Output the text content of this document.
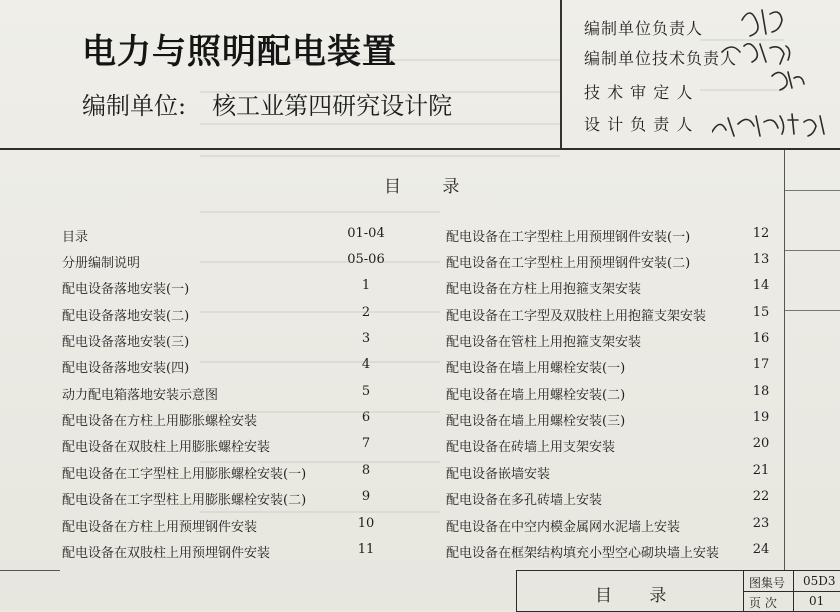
电力与照明配电装置
编制单位: 核工业第四研究设计院
编制单位负责人
编制单位技术负责人
技 术 审 定 人
设 计 负 责 人
目 录
目录	01-04
分册编制说明	05-06
配电设备落地安装(一)	1
配电设备落地安装(二)	2
配电设备落地安装(三)	3
配电设备落地安装(四)	4
动力配电箱落地安装示意图	5
配电设备在方柱上用膨胀螺栓安装	6
配电设备在双肢柱上用膨胀螺栓安装	7
配电设备在工字型柱上用膨胀螺栓安装(一)	8
配电设备在工字型柱上用膨胀螺栓安装(二)	9
配电设备在方柱上用预埋钢件安装	10
配电设备在双肢柱上用预埋钢件安装	11
配电设备在工字型柱上用预埋钢件安装(一)	12
配电设备在工字型柱上用预埋钢件安装(二)	13
配电设备在方柱上用抱箍支架安装	14
配电设备在工字型及双肢柱上用抱箍支架安装	15
配电设备在管柱上用抱箍支架安装	16
配电设备在墙上用螺栓安装(一)	17
配电设备在墙上用螺栓安装(二)	18
配电设备在墙上用螺栓安装(三)	19
配电设备在砖墙上用支架安装	20
配电设备嵌墙安装	21
配电设备在多孔砖墙上安装	22
配电设备在中空内模金属网水泥墙上安装	23
配电设备在框架结构填充小型空心砌块墙上安装	24
目 录
图集号 05D3
页 次	01
